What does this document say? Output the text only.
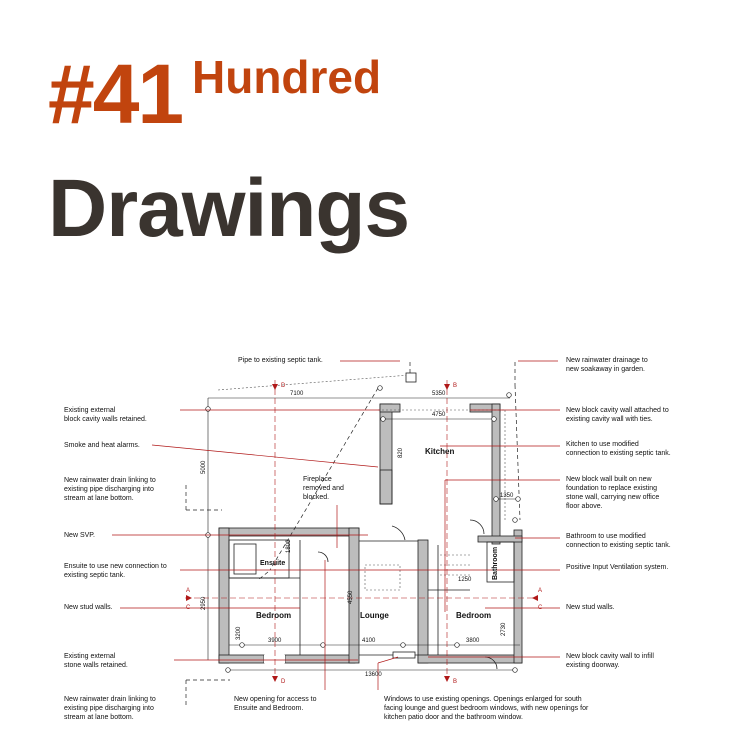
#41 Hundred
Drawings
Kitchen
Ensuite	Bathroom
Bedroom	Lounge	Bedroom
7100	5350
4750
5000
820
1350
1800
1250
4550
2950
3200	2730
3900	4100	3800
13600
D	B
D	B
A
C
A
C
Pipe to existing septic tank.
Existing external block cavity walls retained.
Smoke and heat alarms.
New rainwater drain linking to existing pipe discharging into stream at lane bottom.
New SVP.
Ensuite to use new connection to existing septic tank.
New stud walls.
Existing external stone walls retained.
New rainwater drain linking to existing pipe discharging into stream at lane bottom.
New rainwater drainage to new soakaway in garden.
New block cavity wall attached to existing cavity wall with ties.
Kitchen to use modified connection to existing septic tank.
New block wall built on new foundation to replace existing stone wall, carrying new office floor above.
Bathroom to use modified connection to existing septic tank.
Positive Input Ventilation system.
New stud walls.
New block cavity wall to infill existing doorway.
Fireplace removed and blocked.
New opening for access to Ensuite and Bedroom.
Windows to use existing openings. Openings enlarged for south facing lounge and guest bedroom windows, with new openings for kitchen patio door and the bathroom window.
